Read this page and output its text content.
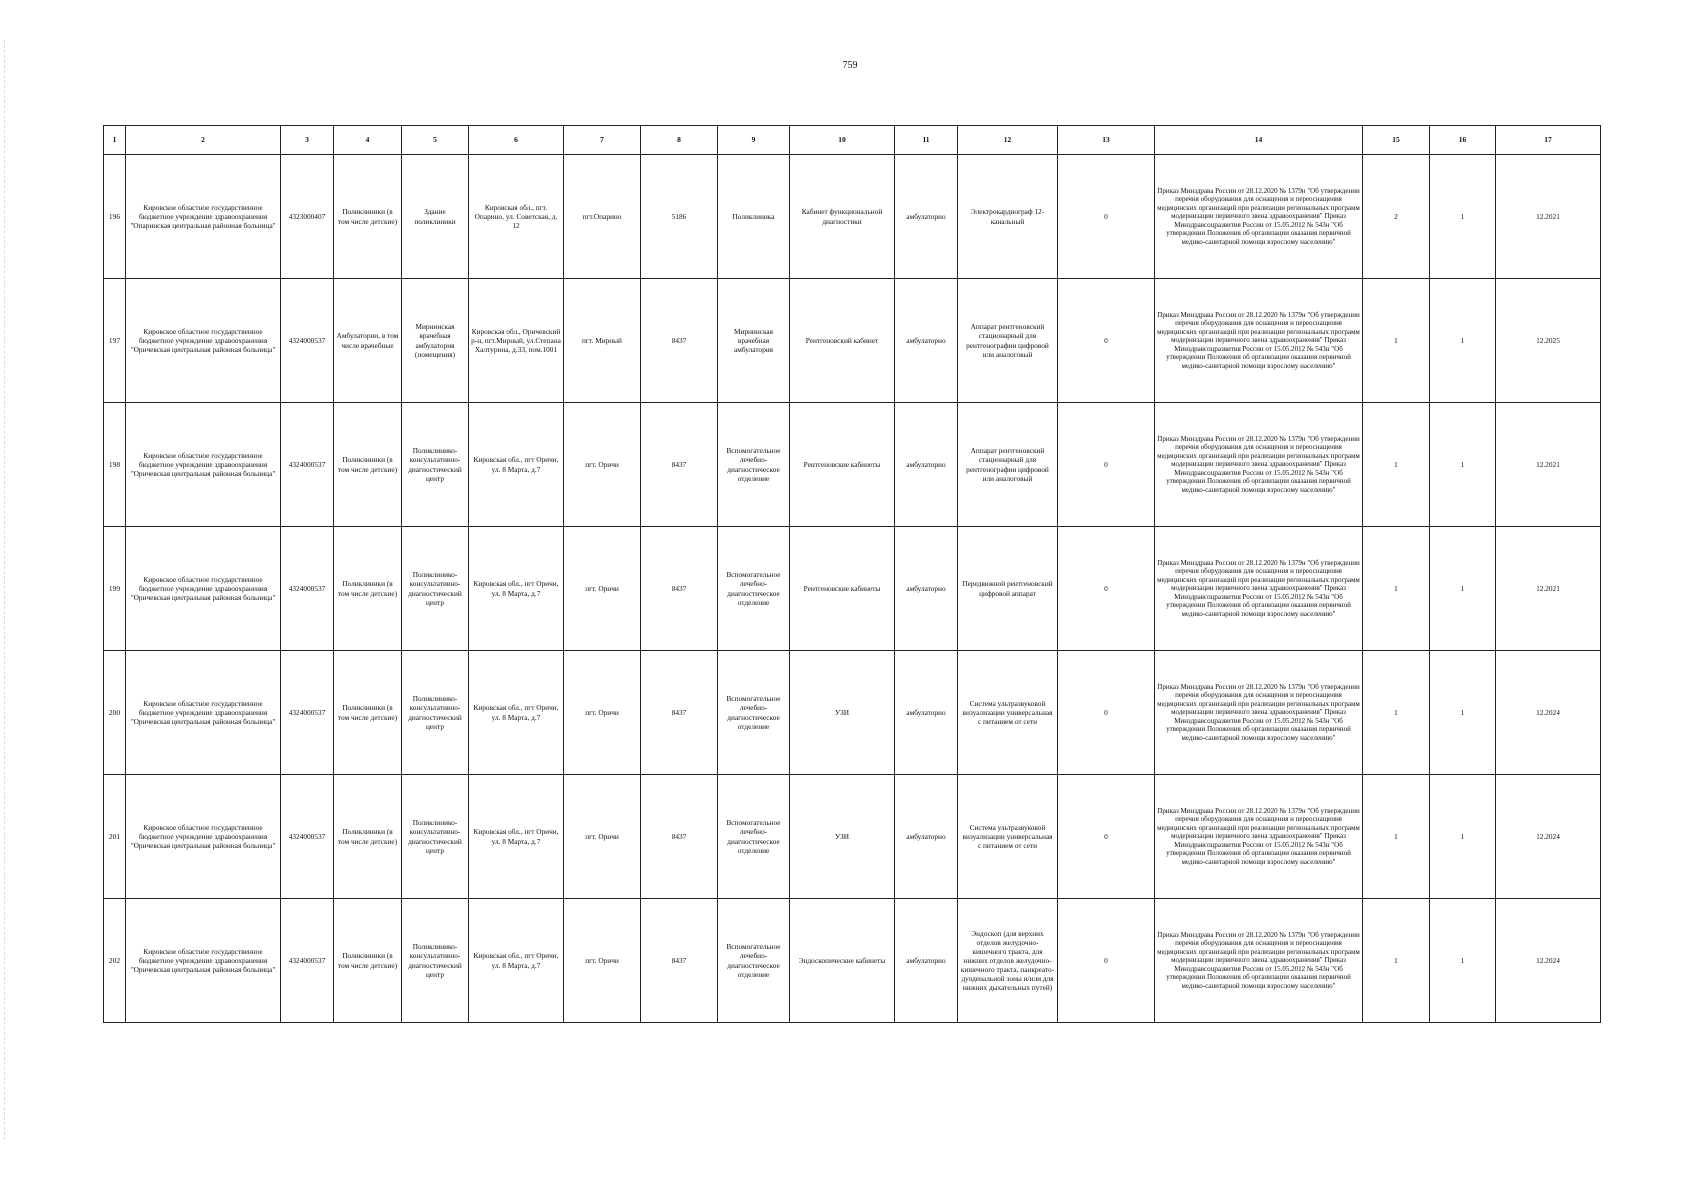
759
1	2	3	4	5	6	7	8	9	10	11	12	13	14	15	16	17
196	Кировское областное государственное бюджетное учреждение здравоохранения "Опаринская центральная районная больница"	4323000407	Поликлиники (в том числе детские)	Здание поликлиники	Кировская обл., пгт. Опарино, ул. Советская, д. 12	пгт.Опарино	5186	Поликлиника	Кабинет функциональной диагностики	амбулаторно	Электрокардиограф 12-канальный	0	Приказ Минздрава России от 28.12.2020 № 1379н "Об утверждении перечня оборудования для оснащения и переоснащения медицинских организаций при реализации региональных программ модернизации первичного звена здравоохранения" Приказ Минздравсоцразвития России от 15.05.2012 № 543н "Об утверждении Положения об организации оказания первичной медико-санитарной помощи взрослому населению"	2	1	12.2021
197	Кировское областное государственное бюджетное учреждение здравоохранения "Оричевская центральная районная больница"	4324000537	Амбулатории, в том числе врачебные	Мирнинская врачебная амбулатория (помещения)	Кировская обл., Оричевский р-н, пгт.Мирный, ул.Степана Халтурина, д.33, пом.1001	пгт. Мирный	8437	Мирнинская врачебная амбулатория	Рентгеновский кабинет	амбулаторно	Аппарат рентгеновский стационарный для рентгенографии цифровой или аналоговый	0	Приказ Минздрава России от 28.12.2020 № 1379н "Об утверждении перечня оборудования для оснащения и переоснащения медицинских организаций при реализации региональных программ модернизации первичного звена здравоохранения" Приказ Минздравсоцразвития России от 15.05.2012 № 543н "Об утверждении Положения об организации оказания первичной медико-санитарной помощи взрослому населению"	1	1	12.2025
198	Кировское областное государственное бюджетное учреждение здравоохранения "Оричевская центральная районная больница"	4324000537	Поликлиники (в том числе детские)	Поликлинико-консультативно-диагностический центр	Кировская обл., пгт Оричи, ул. 8 Марта, д.7	пгт. Оричи	8437	Вспомогательное лечебно-диагностическое отделение	Рентгеновские кабинеты	амбулаторно	Аппарат рентгеновский стационарный для рентгенографии цифровой или аналоговый	0	Приказ Минздрава России от 28.12.2020 № 1379н "Об утверждении перечня оборудования для оснащения и переоснащения медицинских организаций при реализации региональных программ модернизации первичного звена здравоохранения" Приказ Минздравсоцразвития России от 15.05.2012 № 543н "Об утверждении Положения об организации оказания первичной медико-санитарной помощи взрослому населению"	1	1	12.2021
199	Кировское областное государственное бюджетное учреждение здравоохранения "Оричевская центральная районная больница"	4324000537	Поликлиники (в том числе детские)	Поликлинико-консультативно-диагностический центр	Кировская обл., пгт Оричи, ул. 8 Марта, д.7	пгт. Оричи	8437	Вспомогательное лечебно-диагностическое отделение	Рентгеновские кабинеты	амбулаторно	Передвижной рентгеновский цифровой аппарат	0	Приказ Минздрава России от 28.12.2020 № 1379н "Об утверждении перечня оборудования для оснащения и переоснащения медицинских организаций при реализации региональных программ модернизации первичного звена здравоохранения" Приказ Минздравсоцразвития России от 15.05.2012 № 543н "Об утверждении Положения об организации оказания первичной медико-санитарной помощи взрослому населению"	1	1	12.2021
200	Кировское областное государственное бюджетное учреждение здравоохранения "Оричевская центральная районная больница"	4324000537	Поликлиники (в том числе детские)	Поликлинико-консультативно-диагностический центр	Кировская обл., пгт Оричи, ул. 8 Марта, д.7	пгт. Оричи	8437	Вспомогательное лечебно-диагностическое отделение	УЗИ	амбулаторно	Система ультразвуковой визуализации универсальная с питанием от сети	0	Приказ Минздрава России от 28.12.2020 № 1379н "Об утверждении перечня оборудования для оснащения и переоснащения медицинских организаций при реализации региональных программ модернизации первичного звена здравоохранения" Приказ Минздравсоцразвития России от 15.05.2012 № 543н "Об утверждении Положения об организации оказания первичной медико-санитарной помощи взрослому населению"	1	1	12.2024
201	Кировское областное государственное бюджетное учреждение здравоохранения "Оричевская центральная районная больница"	4324000537	Поликлиники (в том числе детские)	Поликлинико-консультативно-диагностический центр	Кировская обл., пгт Оричи, ул. 8 Марта, д.7	пгт. Оричи	8437	Вспомогательное лечебно-диагностическое отделение	УЗИ	амбулаторно	Система ультразвуковой визуализации универсальная с питанием от сети	0	Приказ Минздрава России от 28.12.2020 № 1379н "Об утверждении перечня оборудования для оснащения и переоснащения медицинских организаций при реализации региональных программ модернизации первичного звена здравоохранения" Приказ Минздравсоцразвития России от 15.05.2012 № 543н "Об утверждении Положения об организации оказания первичной медико-санитарной помощи взрослому населению"	1	1	12.2024
202	Кировское областное государственное бюджетное учреждение здравоохранения "Оричевская центральная районная больница"	4324000537	Поликлиники (в том числе детские)	Поликлинико-консультативно-диагностический центр	Кировская обл., пгт Оричи, ул. 8 Марта, д.7	пгт. Оричи	8437	Вспомогательное лечебно-диагностическое отделение	Эндоскопические кабинеты	амбулаторно	Эндоскоп (для верхних отделов желудочно-кишечного тракта, для нижних отделов желудочно-кишечного тракта, панкреато-дуоденальной зоны и/или для нижних дыхательных путей)	0	Приказ Минздрава России от 28.12.2020 № 1379н "Об утверждении перечня оборудования для оснащения и переоснащения медицинских организаций при реализации региональных программ модернизации первичного звена здравоохранения" Приказ Минздравсоцразвития России от 15.05.2012 № 543н "Об утверждении Положения об организации оказания первичной медико-санитарной помощи взрослому населению"	1	1	12.2024
